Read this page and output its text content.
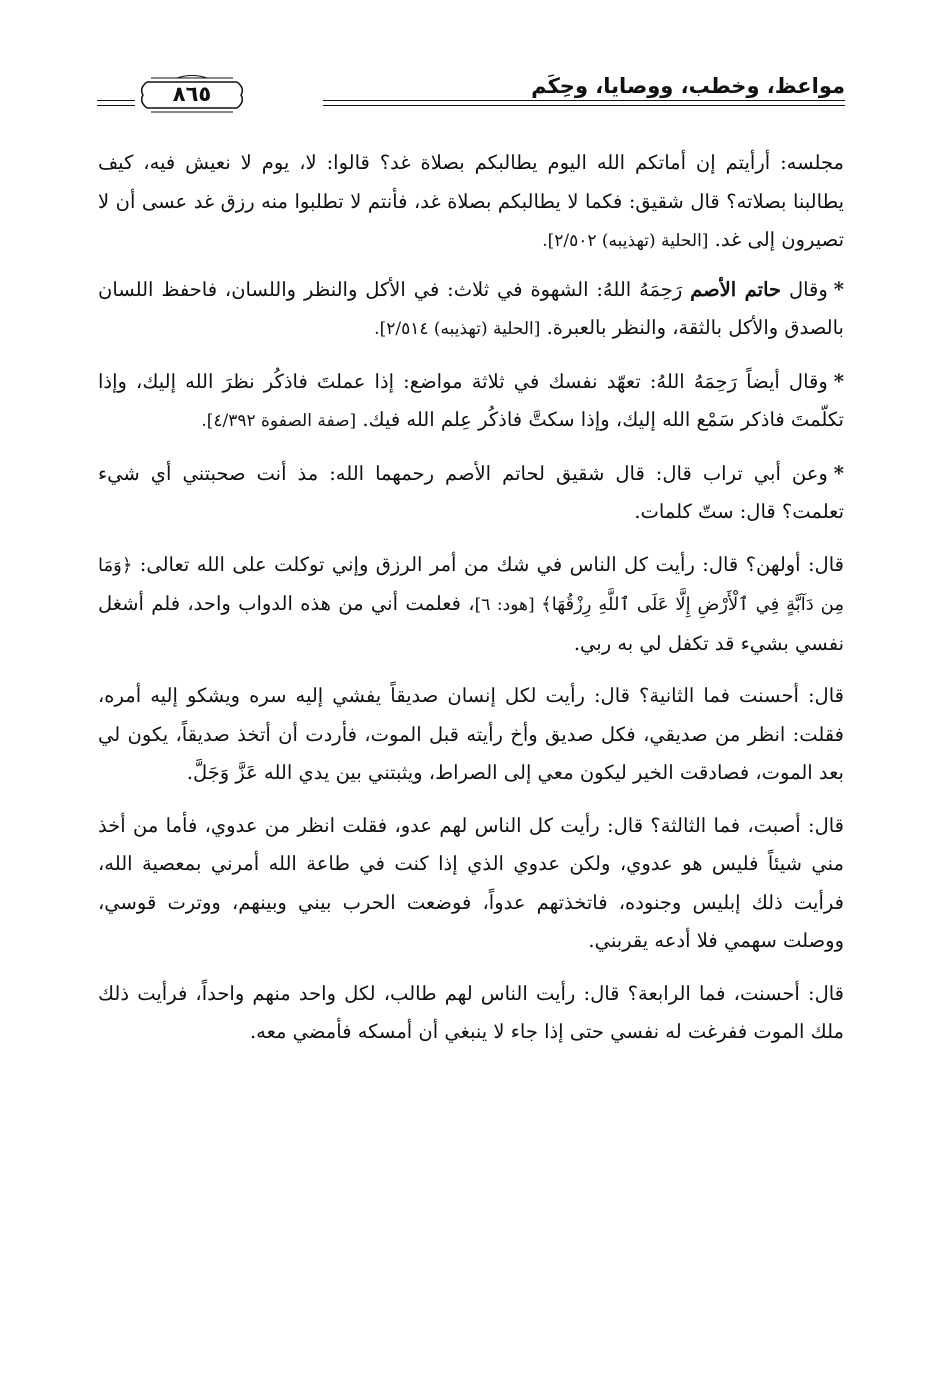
مواعظ، وخطب، ووصايا، وحِكَم
٨٦٥

مجلسه: أرأيتم إن أماتكم الله اليوم يطالبكم بصلاة غد؟ قالوا: لا، يوم لا نعيش فيه، كيف يطالبنا بصلاته؟ قال شقيق: فكما لا يطالبكم بصلاة غد، فأنتم لا تطلبوا منه رزق غد عسى أن لا تصيرون إلى غد. [الحلية (تهذيبه) ٢/٥٠٢].

*وقال حاتم الأصم رَحِمَهُ اللهُ: الشهوة في ثلاث: في الأكل والنظر واللسان، فاحفظ اللسان بالصدق والأكل بالثقة، والنظر بالعبرة. [الحلية (تهذيبه) ٢/٥١٤].

*وقال أيضاً رَحِمَهُ اللهُ: تعهّد نفسك في ثلاثة مواضع: إذا عملتَ فاذكُر نظرَ الله إليك، وإذا تكلّمتَ فاذكر سَمْع الله إليك، وإذا سكتَّ فاذكُر عِلم الله فيك. [صفة الصفوة ٤/٣٩٢].

*وعن أبي تراب قال: قال شقيق لحاتم الأصم رحمهما الله: مذ أنت صحبتني أي شيء تعلمت؟ قال: ستّ كلمات.

قال: أولهن؟ قال: رأيت كل الناس في شك من أمر الرزق وإني توكلت على الله تعالى: ﴿وَمَا مِن دَآبَّةٍ فِي ٱلْأَرْضِ إِلَّا عَلَى ٱللَّهِ رِزْقُهَا﴾ [هود: ٦]، فعلمت أني من هذه الدواب واحد، فلم أشغل نفسي بشيء قد تكفل لي به ربي.

قال: أحسنت فما الثانية؟ قال: رأيت لكل إنسان صديقاً يفشي إليه سره ويشكو إليه أمره، فقلت: انظر من صديقي، فكل صديق وأخ رأيته قبل الموت، فأردت أن أتخذ صديقاً، يكون لي بعد الموت، فصادقت الخير ليكون معي إلى الصراط، ويثبتني بين يدي الله عَزَّ وَجَلَّ.

قال: أصبت، فما الثالثة؟ قال: رأيت كل الناس لهم عدو، فقلت انظر من عدوي، فأما من أخذ مني شيئاً فليس هو عدوي، ولكن عدوي الذي إذا كنت في طاعة الله أمرني بمعصية الله، فرأيت ذلك إبليس وجنوده، فاتخذتهم عدواً، فوضعت الحرب بيني وبينهم، ووترت قوسي، ووصلت سهمي فلا أدعه يقربني.

قال: أحسنت، فما الرابعة؟ قال: رأيت الناس لهم طالب، لكل واحد منهم واحداً، فرأيت ذلك ملك الموت ففرغت له نفسي حتى إذا جاء لا ينبغي أن أمسكه فأمضي معه.
